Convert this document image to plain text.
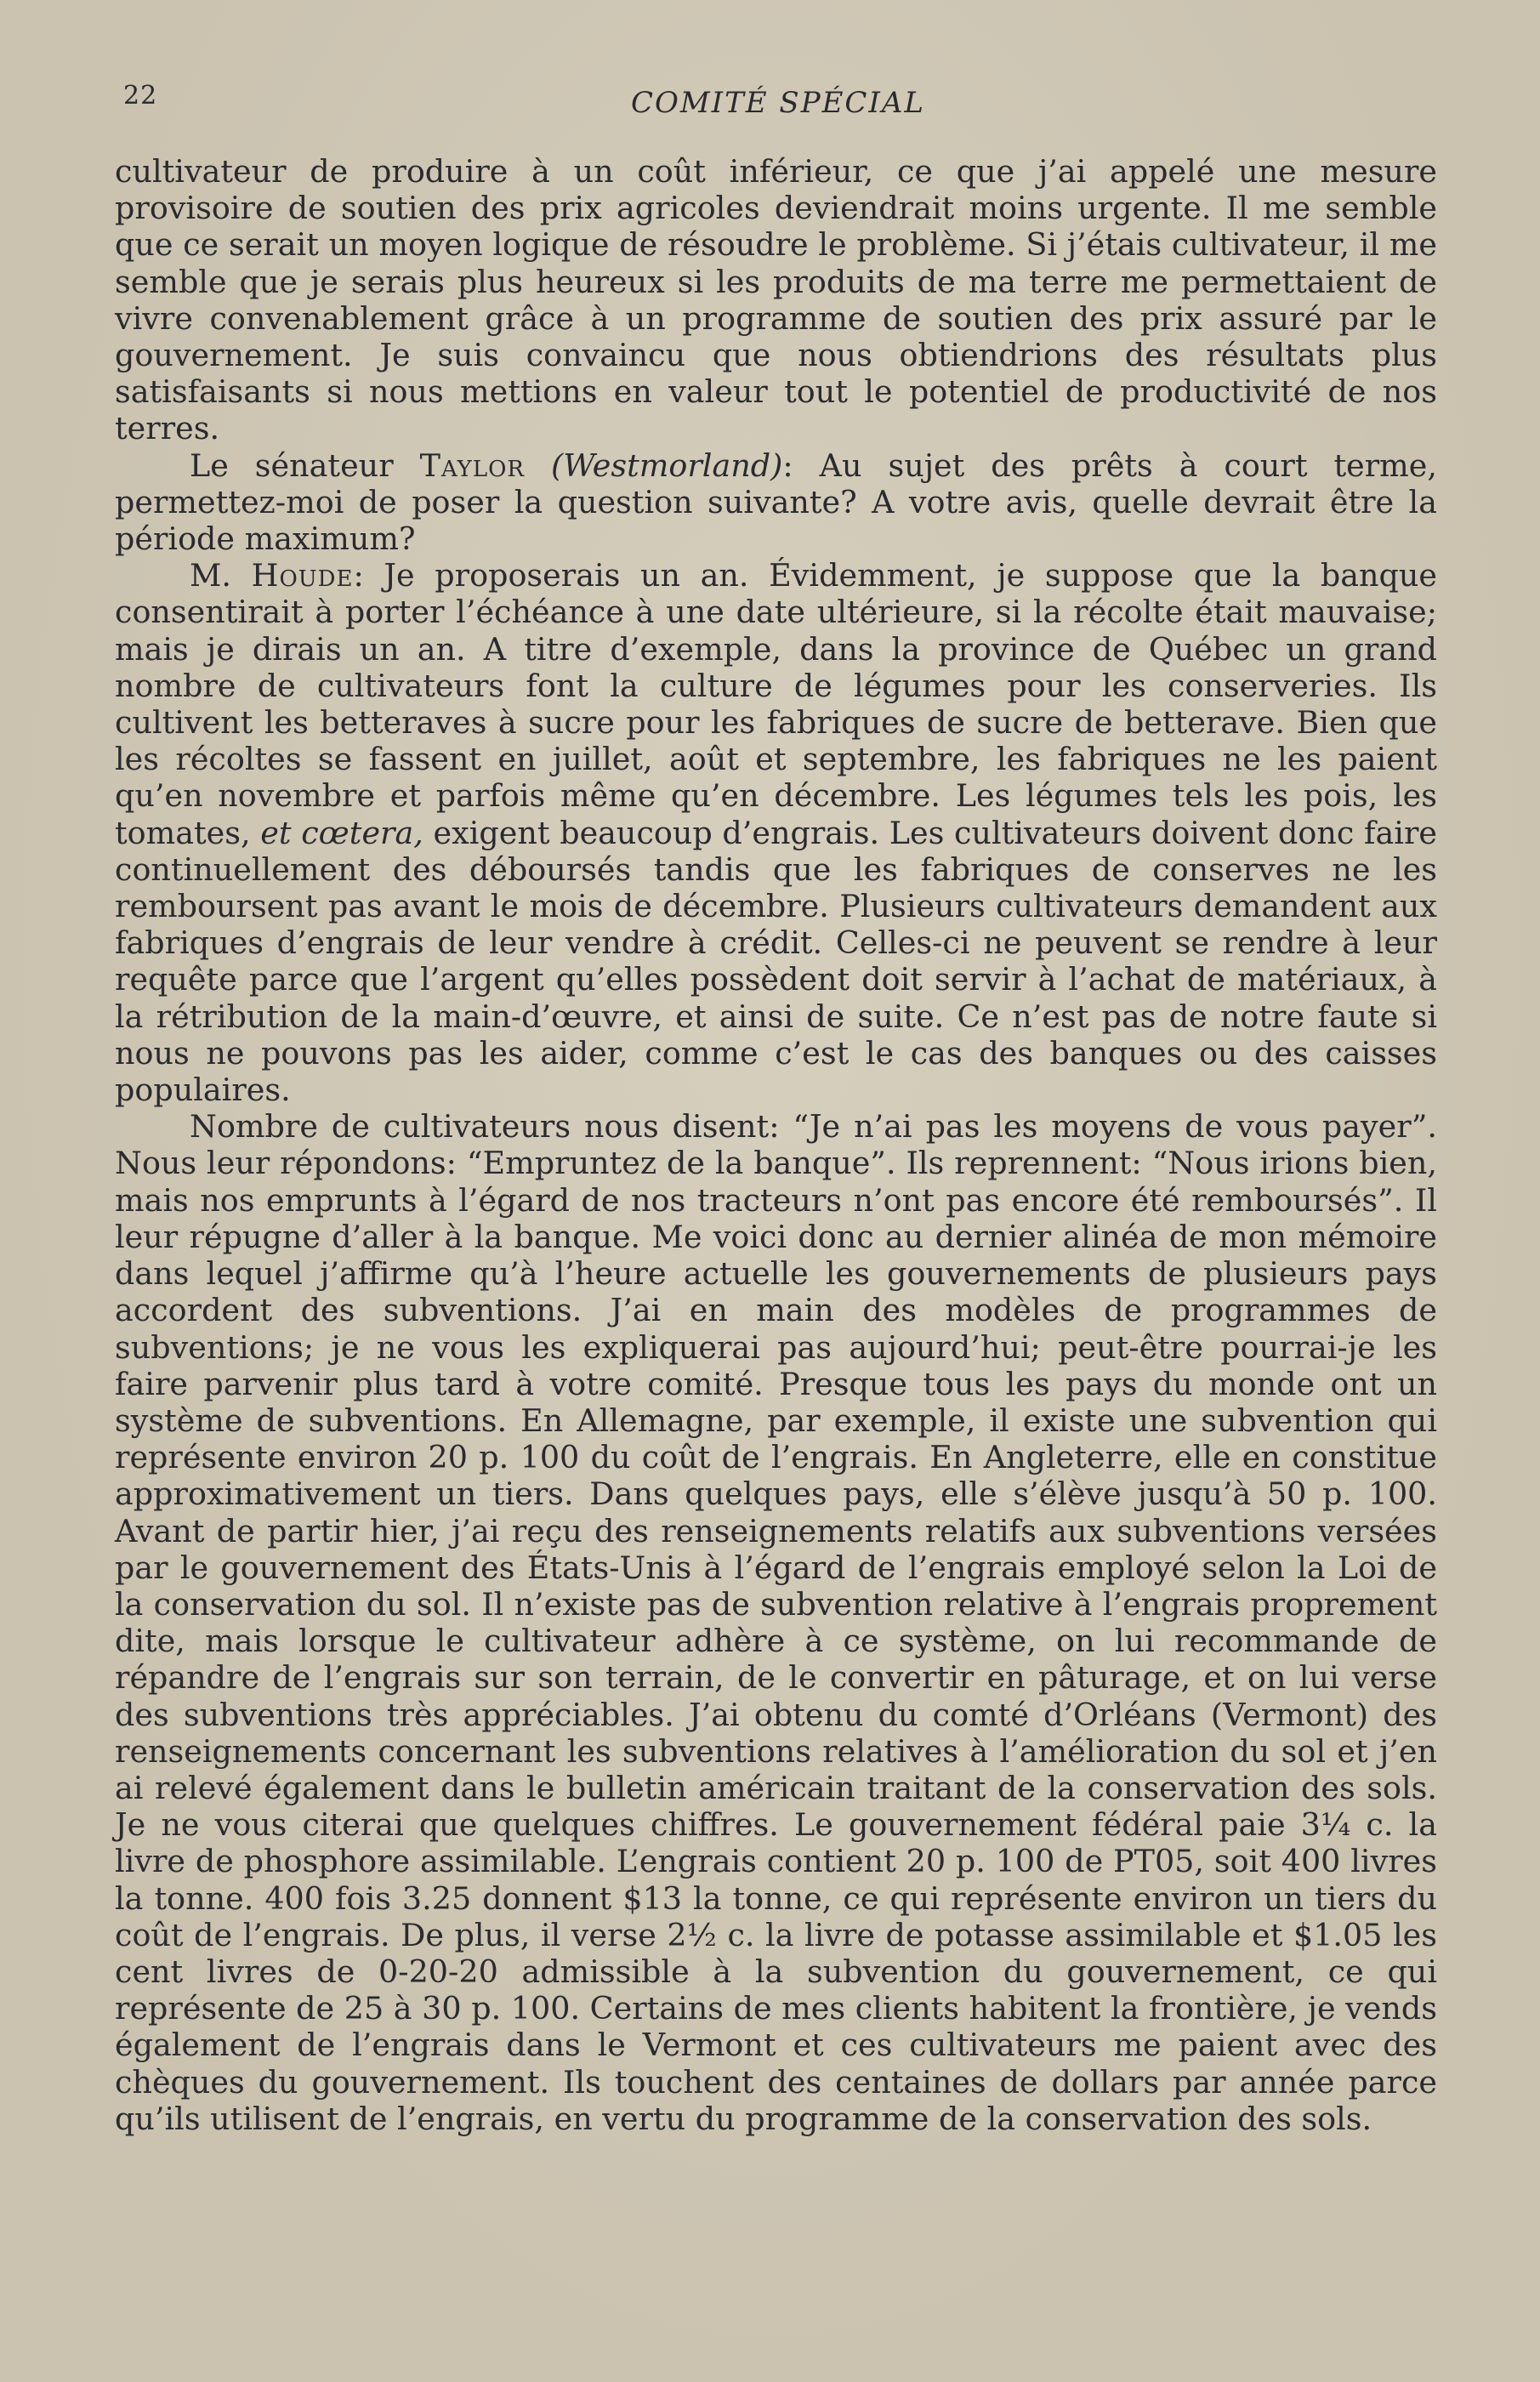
22	COMITÉ SPÉCIAL

cultivateur de produire à un coût inférieur, ce que j’ai appelé une mesure provisoire de soutien des prix agricoles deviendrait moins urgente. Il me semble que ce serait un moyen logique de résoudre le problème. Si j’étais cultivateur, il me semble que je serais plus heureux si les produits de ma terre me permettaient de vivre convenablement grâce à un programme de soutien des prix assuré par le gouvernement. Je suis convaincu que nous obtiendrions des résultats plus satisfaisants si nous mettions en valeur tout le potentiel de productivité de nos terres.

Le sénateur Taylor (Westmorland): Au sujet des prêts à court terme, permettez-moi de poser la question suivante? A votre avis, quelle devrait être la période maximum?

M. Houde: Je proposerais un an. Évidemment, je suppose que la banque consentirait à porter l’échéance à une date ultérieure, si la récolte était mauvaise; mais je dirais un an. A titre d’exemple, dans la province de Québec un grand nombre de cultivateurs font la culture de légumes pour les conserveries. Ils cultivent les betteraves à sucre pour les fabriques de sucre de betterave. Bien que les récoltes se fassent en juillet, août et septembre, les fabriques ne les paient qu’en novembre et parfois même qu’en décembre. Les légumes tels les pois, les tomates, et cœtera, exigent beaucoup d’engrais. Les cultivateurs doivent donc faire continuellement des déboursés tandis que les fabriques de conserves ne les remboursent pas avant le mois de décembre. Plusieurs cultivateurs demandent aux fabriques d’engrais de leur vendre à crédit. Celles-ci ne peuvent se rendre à leur requête parce que l’argent qu’elles possèdent doit servir à l’achat de matériaux, à la rétribution de la main-d’œuvre, et ainsi de suite. Ce n’est pas de notre faute si nous ne pouvons pas les aider, comme c’est le cas des banques ou des caisses populaires.

Nombre de cultivateurs nous disent: “Je n’ai pas les moyens de vous payer”. Nous leur répondons: “Empruntez de la banque”. Ils reprennent: “Nous irions bien, mais nos emprunts à l’égard de nos tracteurs n’ont pas encore été remboursés”. Il leur répugne d’aller à la banque. Me voici donc au dernier alinéa de mon mémoire dans lequel j’affirme qu’à l’heure actuelle les gouvernements de plusieurs pays accordent des subventions. J’ai en main des modèles de programmes de subventions; je ne vous les expliquerai pas aujourd’hui; peut-être pourrai-je les faire parvenir plus tard à votre comité. Presque tous les pays du monde ont un système de subventions. En Allemagne, par exemple, il existe une subvention qui représente environ 20 p. 100 du coût de l’engrais. En Angleterre, elle en constitue approximativement un tiers. Dans quelques pays, elle s’élève jusqu’à 50 p. 100. Avant de partir hier, j’ai reçu des renseignements relatifs aux subventions versées par le gouvernement des États-Unis à l’égard de l’engrais employé selon la Loi de la conservation du sol. Il n’existe pas de subvention relative à l’engrais proprement dite, mais lorsque le cultivateur adhère à ce système, on lui recommande de répandre de l’engrais sur son terrain, de le convertir en pâturage, et on lui verse des subventions très appréciables. J’ai obtenu du comté d’Orléans (Vermont) des renseignements concernant les subventions relatives à l’amélioration du sol et j’en ai relevé également dans le bulletin américain traitant de la conservation des sols. Je ne vous citerai que quelques chiffres. Le gouvernement fédéral paie 3¼ c. la livre de phosphore assimilable. L’engrais contient 20 p. 100 de PT05, soit 400 livres la tonne. 400 fois 3.25 donnent $13 la tonne, ce qui représente environ un tiers du coût de l’engrais. De plus, il verse 2½ c. la livre de potasse assimilable et $1.05 les cent livres de 0-20-20 admissible à la subvention du gouvernement, ce qui représente de 25 à 30 p. 100. Certains de mes clients habitent la frontière, je vends également de l’engrais dans le Vermont et ces cultivateurs me paient avec des chèques du gouvernement. Ils touchent des centaines de dollars par année parce qu’ils utilisent de l’engrais, en vertu du programme de la conservation des sols.
